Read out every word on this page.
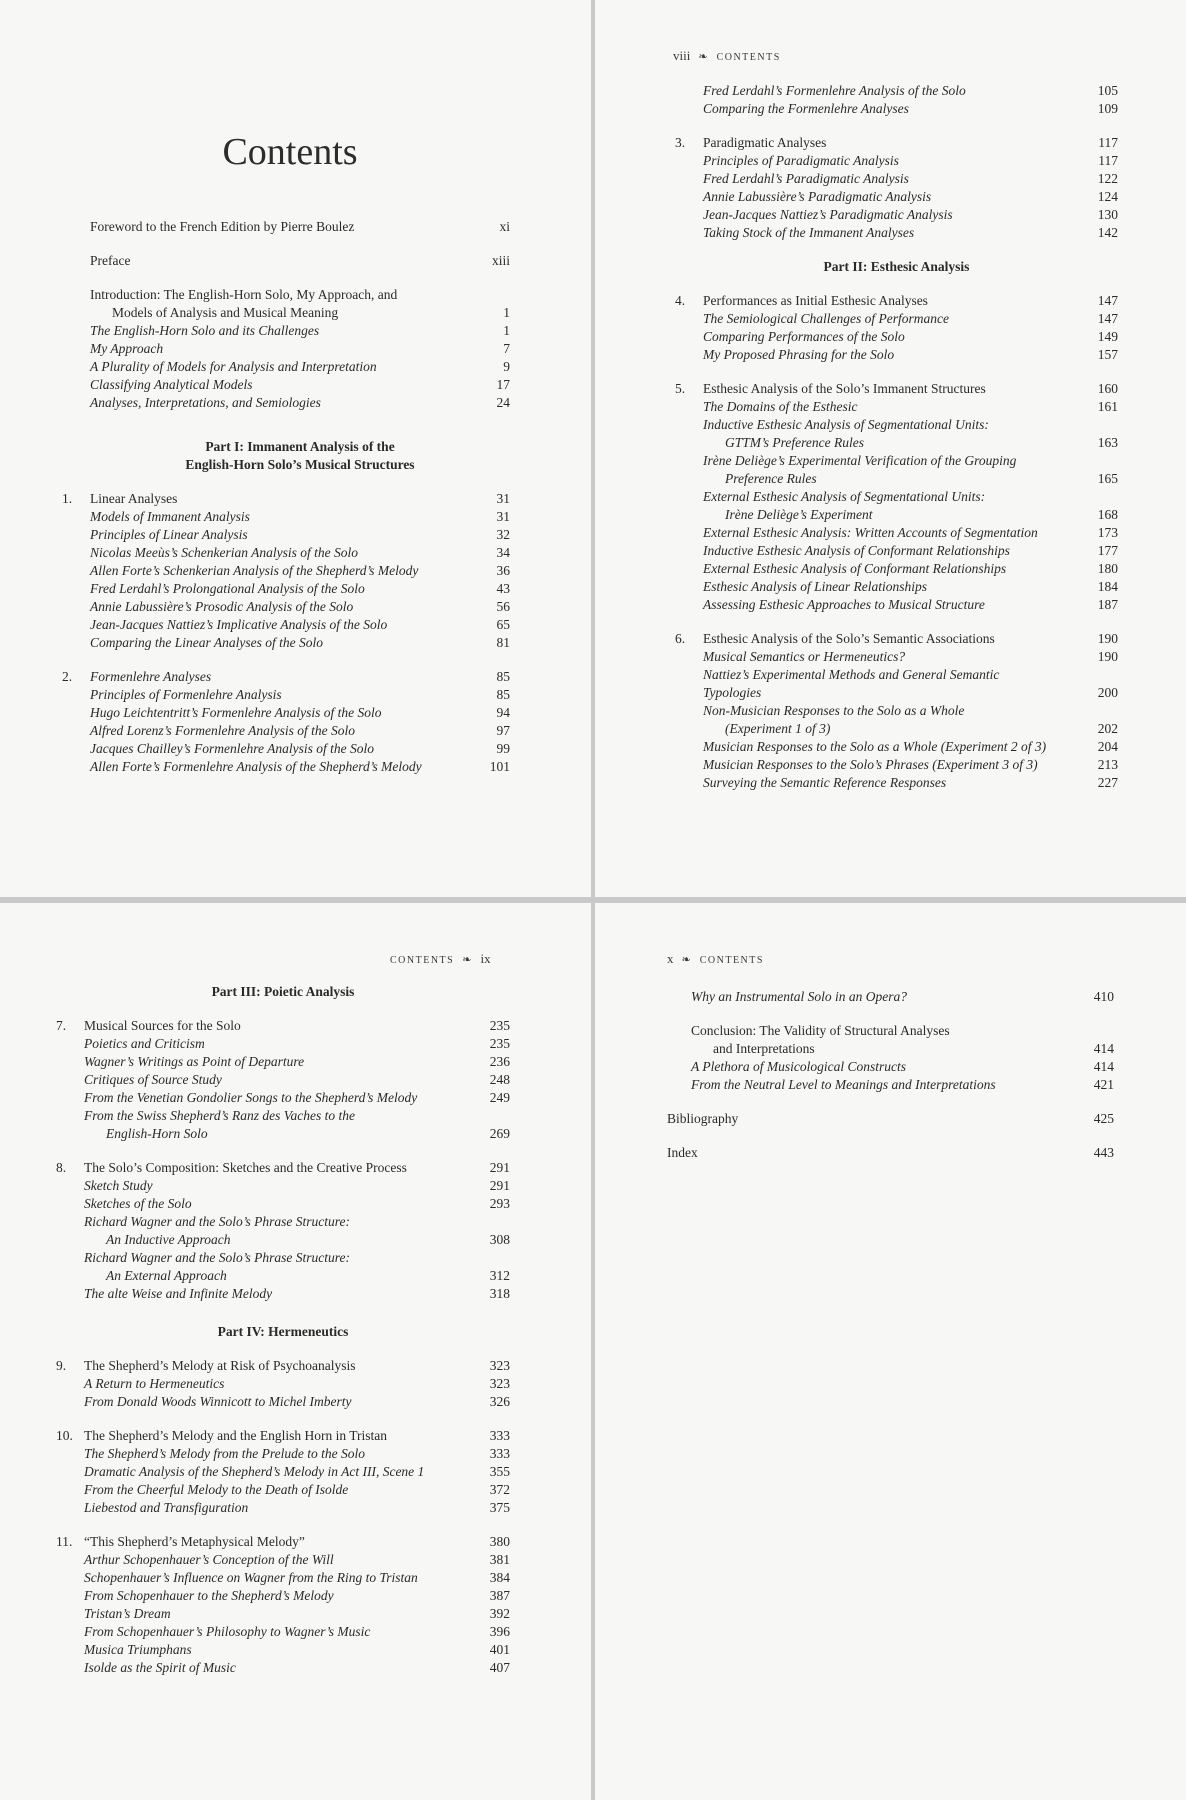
Contents
Foreword to the French Edition by Pierre Boulez	xi
Preface	xiii
Introduction: The English-Horn Solo, My Approach, and
Models of Analysis and Musical Meaning	1
The English-Horn Solo and its Challenges	1
My Approach	7
A Plurality of Models for Analysis and Interpretation	9
Classifying Analytical Models	17
Analyses, Interpretations, and Semiologies	24
Part I: Immanent Analysis of the
English-Horn Solo’s Musical Structures
1. Linear Analyses	31
Models of Immanent Analysis	31
Principles of Linear Analysis	32
Nicolas Meeùs’s Schenkerian Analysis of the Solo	34
Allen Forte’s Schenkerian Analysis of the Shepherd’s Melody	36
Fred Lerdahl’s Prolongational Analysis of the Solo	43
Annie Labussière’s Prosodic Analysis of the Solo	56
Jean-Jacques Nattiez’s Implicative Analysis of the Solo	65
Comparing the Linear Analyses of the Solo	81
2. Formenlehre Analyses	85
Principles of Formenlehre Analysis	85
Hugo Leichtentritt’s Formenlehre Analysis of the Solo	94
Alfred Lorenz’s Formenlehre Analysis of the Solo	97
Jacques Chailley’s Formenlehre Analysis of the Solo	99
Allen Forte’s Formenlehre Analysis of the Shepherd’s Melody	101
viii ❧ CONTENTS
Fred Lerdahl’s Formenlehre Analysis of the Solo	105
Comparing the Formenlehre Analyses	109
3. Paradigmatic Analyses	117
Principles of Paradigmatic Analysis	117
Fred Lerdahl’s Paradigmatic Analysis	122
Annie Labussière’s Paradigmatic Analysis	124
Jean-Jacques Nattiez’s Paradigmatic Analysis	130
Taking Stock of the Immanent Analyses	142
Part II: Esthesic Analysis
4. Performances as Initial Esthesic Analyses	147
The Semiological Challenges of Performance	147
Comparing Performances of the Solo	149
My Proposed Phrasing for the Solo	157
5. Esthesic Analysis of the Solo’s Immanent Structures	160
The Domains of the Esthesic	161
Inductive Esthesic Analysis of Segmentational Units:
GTTM’s Preference Rules	163
Irène Deliège’s Experimental Verification of the Grouping
Preference Rules	165
External Esthesic Analysis of Segmentational Units:
Irène Deliège’s Experiment	168
External Esthesic Analysis: Written Accounts of Segmentation	173
Inductive Esthesic Analysis of Conformant Relationships	177
External Esthesic Analysis of Conformant Relationships	180
Esthesic Analysis of Linear Relationships	184
Assessing Esthesic Approaches to Musical Structure	187
6. Esthesic Analysis of the Solo’s Semantic Associations	190
Musical Semantics or Hermeneutics?	190
Nattiez’s Experimental Methods and General Semantic Typologies	200
Non-Musician Responses to the Solo as a Whole
(Experiment 1 of 3)	202
Musician Responses to the Solo as a Whole (Experiment 2 of 3)	204
Musician Responses to the Solo’s Phrases (Experiment 3 of 3)	213
Surveying the Semantic Reference Responses	227
CONTENTS ❧ ix
Part III: Poietic Analysis
7. Musical Sources for the Solo	235
Poietics and Criticism	235
Wagner’s Writings as Point of Departure	236
Critiques of Source Study	248
From the Venetian Gondolier Songs to the Shepherd’s Melody	249
From the Swiss Shepherd’s Ranz des Vaches to the
English-Horn Solo	269
8. The Solo’s Composition: Sketches and the Creative Process	291
Sketch Study	291
Sketches of the Solo	293
Richard Wagner and the Solo’s Phrase Structure:
An Inductive Approach	308
Richard Wagner and the Solo’s Phrase Structure:
An External Approach	312
The alte Weise and Infinite Melody	318
Part IV: Hermeneutics
9. The Shepherd’s Melody at Risk of Psychoanalysis	323
A Return to Hermeneutics	323
From Donald Woods Winnicott to Michel Imberty	326
10. The Shepherd’s Melody and the English Horn in Tristan	333
The Shepherd’s Melody from the Prelude to the Solo	333
Dramatic Analysis of the Shepherd’s Melody in Act III, Scene 1	355
From the Cheerful Melody to the Death of Isolde	372
Liebestod and Transfiguration	375
11. “This Shepherd’s Metaphysical Melody”	380
Arthur Schopenhauer’s Conception of the Will	381
Schopenhauer’s Influence on Wagner from the Ring to Tristan	384
From Schopenhauer to the Shepherd’s Melody	387
Tristan’s Dream	392
From Schopenhauer’s Philosophy to Wagner’s Music	396
Musica Triumphans	401
Isolde as the Spirit of Music	407
x ❧ CONTENTS
Why an Instrumental Solo in an Opera?	410
Conclusion: The Validity of Structural Analyses
and Interpretations	414
A Plethora of Musicological Constructs	414
From the Neutral Level to Meanings and Interpretations	421
Bibliography	425
Index	443
